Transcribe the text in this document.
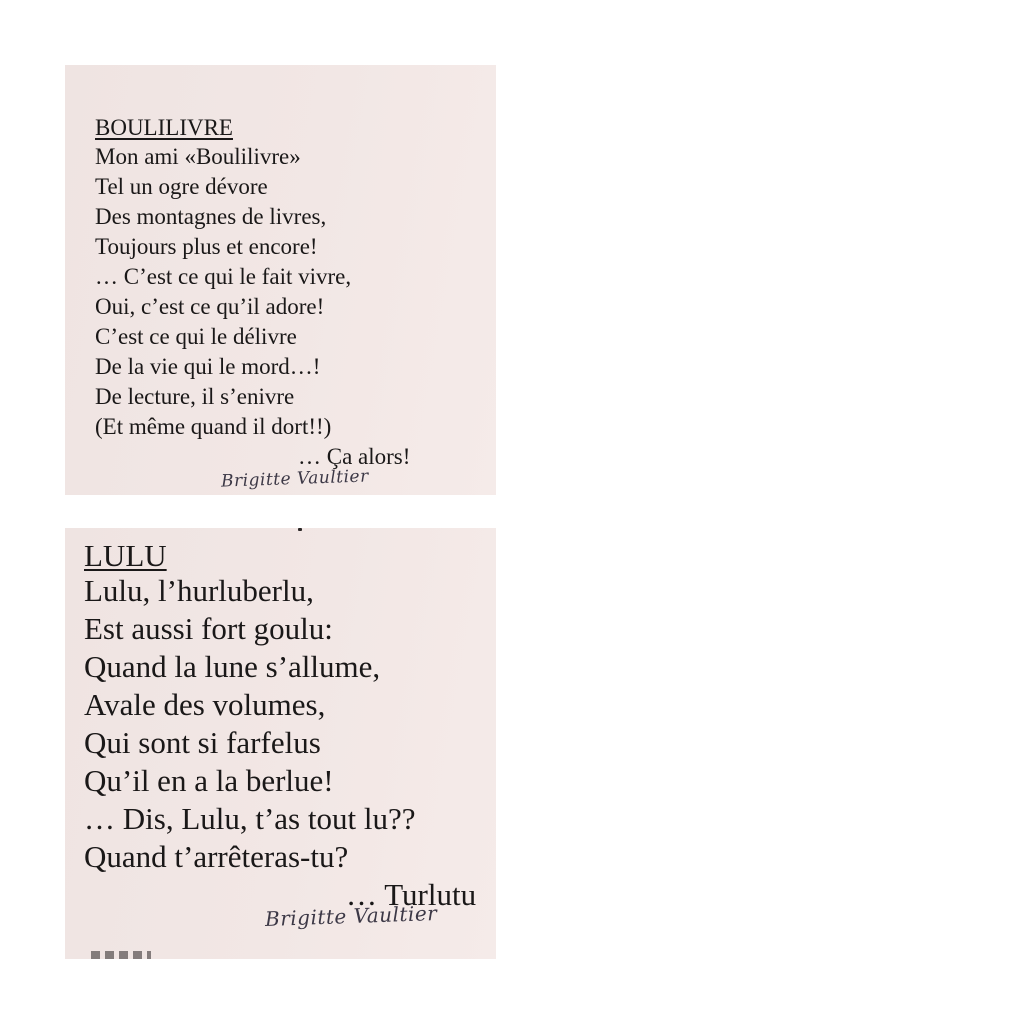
BOULILIVRE
Mon ami «Boulilivre»
Tel un ogre dévore
Des montagnes de livres,
Toujours plus et encore!
… C’est ce qui le fait vivre,
Oui, c’est ce qu’il adore!
C’est ce qui le délivre
De la vie qui le mord…!
De lecture, il s’enivre
(Et même quand il dort!!)
… Ça alors!
Brigitte Vaultier
LULU
Lulu, l’hurluberlu,
Est aussi fort goulu:
Quand la lune s’allume,
Avale des volumes,
Qui sont si farfelus
Qu’il en a la berlue!
… Dis, Lulu, t’as tout lu??
Quand t’arrêteras-tu?
… Turlutu
Brigitte Vaultier
